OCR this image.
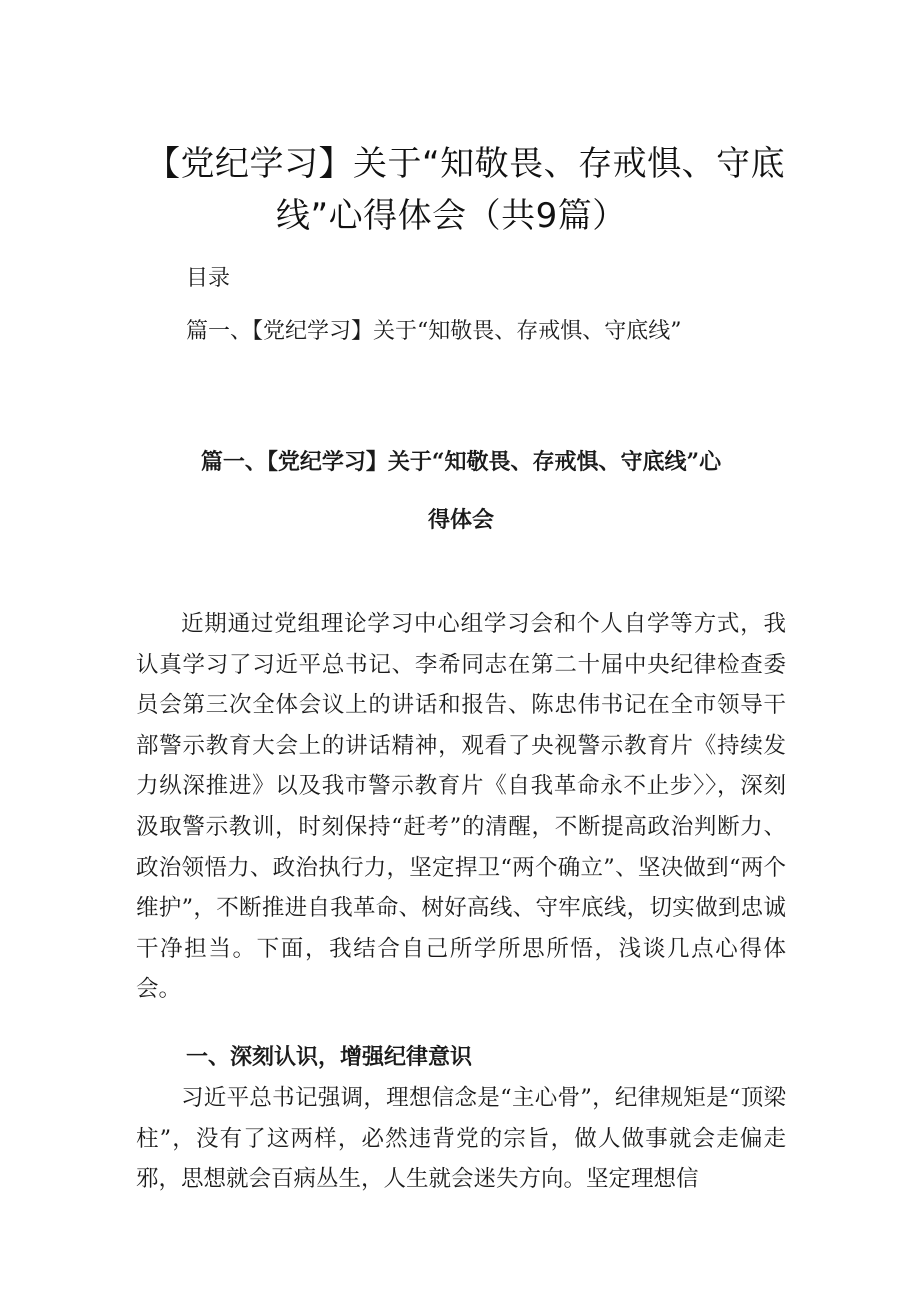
【党纪学习】关于“知敬畏、存戒惧、守底
线”心得体会（共9篇）
目录
篇一、【党纪学习】关于“知敬畏、存戒惧、守底线”
篇一、【党纪学习】关于“知敬畏、存戒惧、守底线”心
得体会

近期通过党组理论学习中心组学习会和个人自学等方式，我认真学习了习近平总书记、李希同志在第二十届中央纪律检查委员会第三次全体会议上的讲话和报告、陈忠伟书记在全市领导干部警示教育大会上的讲话精神，观看了央视警示教育片《持续发力纵深推进》以及我市警示教育片《自我革命永不止步〉〉，深刻汲取警示教训，时刻保持“赶考”的清醒，不断提高政治判断力、政治领悟力、政治执行力，坚定捍卫“两个确立”、坚决做到“两个维护”，不断推进自我革命、树好高线、守牢底线，切实做到忠诚干净担当。下面，我结合自己所学所思所悟，浅谈几点心得体会。

一、深刻认识，增强纪律意识

习近平总书记强调，理想信念是“主心骨”，纪律规矩是“顶梁柱”，没有了这两样，必然违背党的宗旨，做人做事就会走偏走邪，思想就会百病丛生，人生就会迷失方向。坚定理想信
